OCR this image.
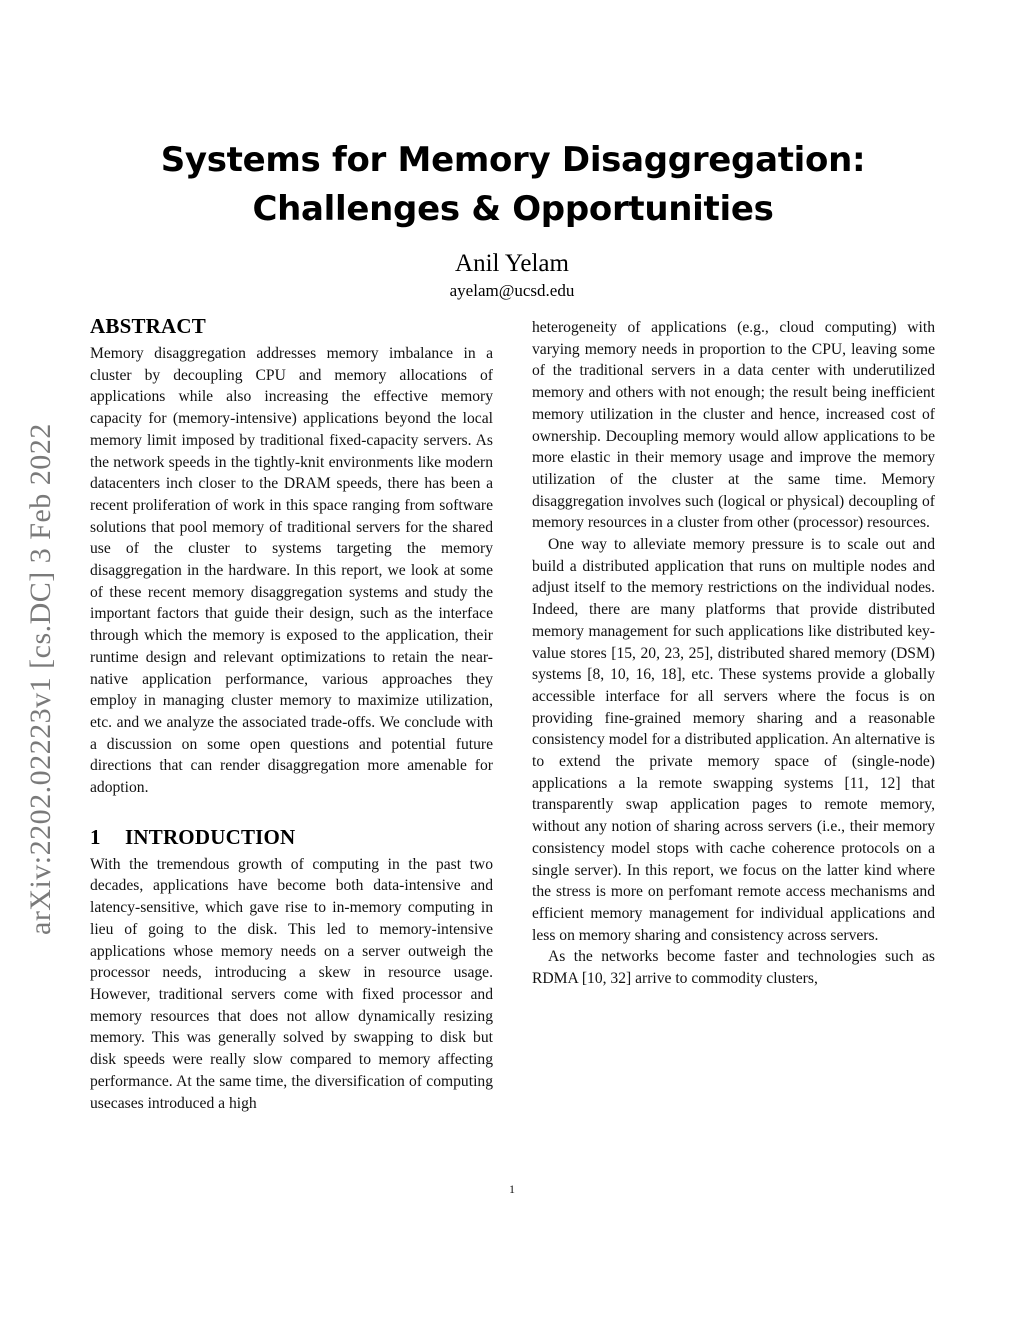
arXiv:2202.02223v1 [cs.DC] 3 Feb 2022
Systems for Memory Disaggregation:
Challenges & Opportunities
Anil Yelam
ayelam@ucsd.edu
ABSTRACT

Memory disaggregation addresses memory imbalance in a cluster by decoupling CPU and memory allocations of applications while also increasing the effective memory capacity for (memory-intensive) applications beyond the local memory limit imposed by traditional fixed-capacity servers. As the network speeds in the tightly-knit environments like modern datacenters inch closer to the DRAM speeds, there has been a recent proliferation of work in this space ranging from software solutions that pool memory of traditional servers for the shared use of the cluster to systems targeting the memory disaggregation in the hardware. In this report, we look at some of these recent memory disaggregation systems and study the important factors that guide their design, such as the interface through which the memory is exposed to the application, their runtime design and relevant optimizations to retain the near-native application performance, various approaches they employ in managing cluster memory to maximize utilization, etc. and we analyze the associated trade-offs. We conclude with a discussion on some open questions and potential future directions that can render disaggregation more amenable for adoption.

1 INTRODUCTION

With the tremendous growth of computing in the past two decades, applications have become both data-intensive and latency-sensitive, which gave rise to in-memory computing in lieu of going to the disk. This led to memory-intensive applications whose memory needs on a server outweigh the processor needs, introducing a skew in resource usage. However, traditional servers come with fixed processor and memory resources that does not allow dynamically resizing memory. This was generally solved by swapping to disk but disk speeds were really slow compared to memory affecting performance. At the same time, the diversification of computing usecases introduced a high

heterogeneity of applications (e.g., cloud computing) with varying memory needs in proportion to the CPU, leaving some of the traditional servers in a data center with underutilized memory and others with not enough; the result being inefficient memory utilization in the cluster and hence, increased cost of ownership. Decoupling memory would allow applications to be more elastic in their memory usage and improve the memory utilization of the cluster at the same time. Memory disaggregation involves such (logical or physical) decoupling of memory resources in a cluster from other (processor) resources.

One way to alleviate memory pressure is to scale out and build a distributed application that runs on multiple nodes and adjust itself to the memory restrictions on the individual nodes. Indeed, there are many platforms that provide distributed memory management for such applications like distributed key-value stores [15, 20, 23, 25], distributed shared memory (DSM) systems [8, 10, 16, 18], etc. These systems provide a globally accessible interface for all servers where the focus is on providing fine-grained memory sharing and a reasonable consistency model for a distributed application. An alternative is to extend the private memory space of (single-node) applications a la remote swapping systems [11, 12] that transparently swap application pages to remote memory, without any notion of sharing across servers (i.e., their memory consistency model stops with cache coherence protocols on a single server). In this report, we focus on the latter kind where the stress is more on perfomant remote access mechanisms and efficient memory management for individual applications and less on memory sharing and consistency across servers.

As the networks become faster and technologies such as RDMA [10, 32] arrive to commodity clusters,

1
